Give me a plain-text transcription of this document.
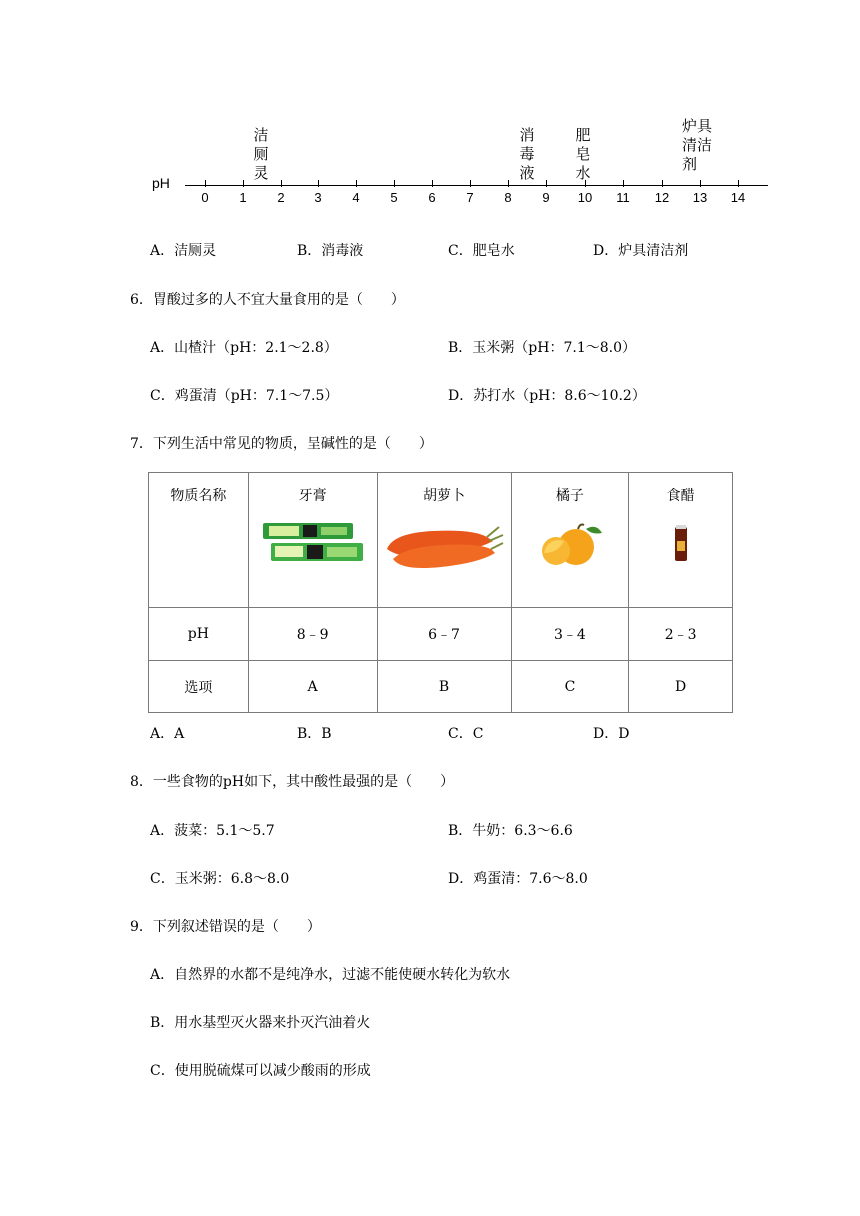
pH
0	1	2	3	4	5	6	7	8	9	10 11 12 13 14
洁
厕
灵
消
毒
液
肥
皂
水
炉具
清洁
剂
A．洁厕灵	B．消毒液	C．肥皂水	D．炉具清洁剂
6．胃酸过多的人不宜大量食用的是（　　）
A．山楂汁（pH：2.1～2.8）	B．玉米粥（pH：7.1～8.0）
C．鸡蛋清（pH：7.1～7.5）	D．苏打水（pH：8.6～10.2）
7．下列生活中常见的物质，呈碱性的是（　　）
物质名称	牙膏	胡萝卜	橘子	食醋

pH	8﹣9	6﹣7	3﹣4	2﹣3
选项	A	B	C	D
A．A	B．B	C．C	D．D
8．一些食物的pH如下，其中酸性最强的是（　　）
A．菠菜：5.1～5.7	B．牛奶：6.3～6.6
C．玉米粥：6.8～8.0	D．鸡蛋清：7.6～8.0
9．下列叙述错误的是（　　）
A．自然界的水都不是纯净水，过滤不能使硬水转化为软水
B．用水基型灭火器来扑灭汽油着火
C．使用脱硫煤可以减少酸雨的形成
